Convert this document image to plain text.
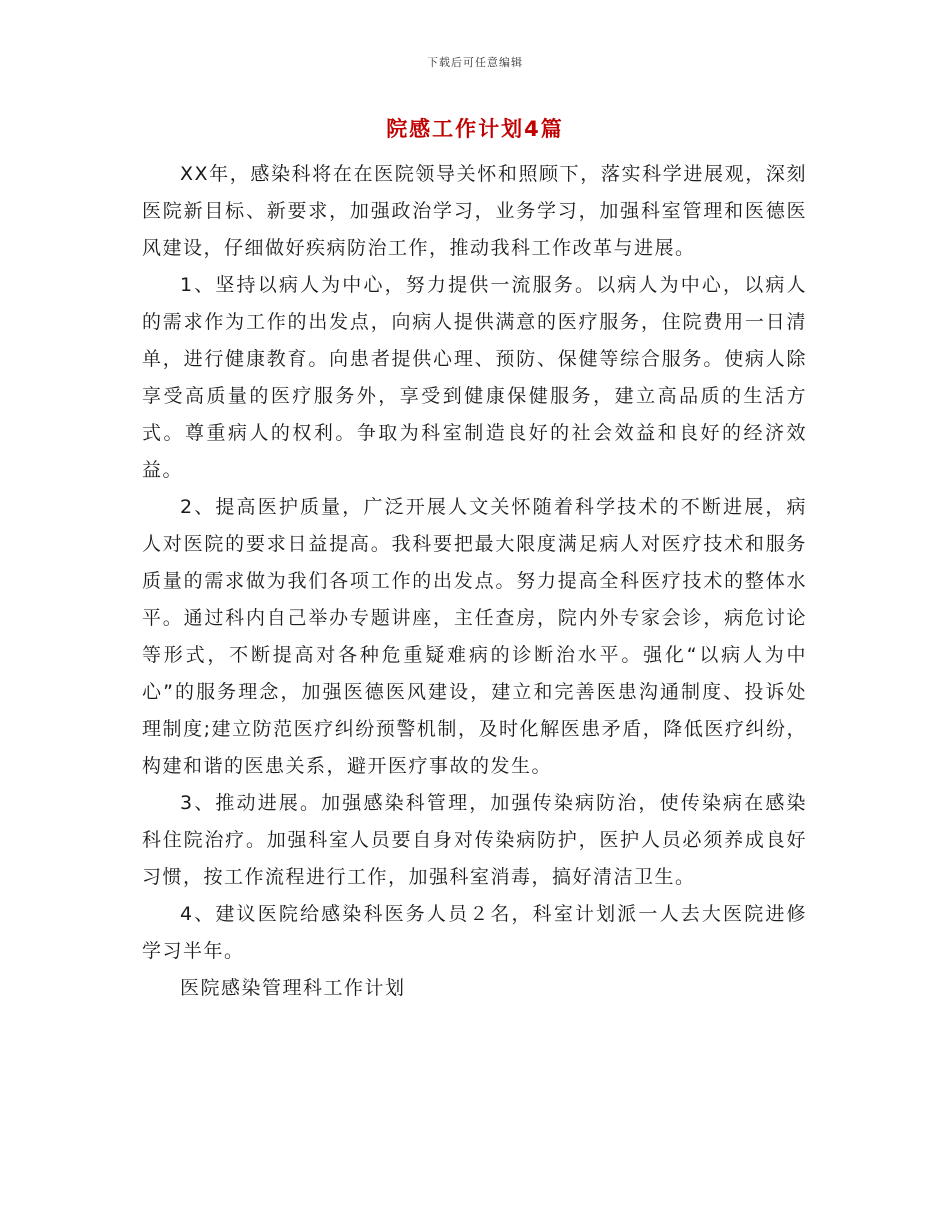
下载后可任意编辑
院感工作计划4篇

XX年，感染科将在在医院领导关怀和照顾下，落实科学进展观，深刻医院新目标、新要求，加强政治学习，业务学习，加强科室管理和医德医风建设，仔细做好疾病防治工作，推动我科工作改革与进展。

1、坚持以病人为中心，努力提供一流服务。以病人为中心，以病人的需求作为工作的出发点，向病人提供满意的医疗服务，住院费用一日清单，进行健康教育。向患者提供心理、预防、保健等综合服务。使病人除享受高质量的医疗服务外，享受到健康保健服务，建立高品质的生活方式。尊重病人的权利。争取为科室制造良好的社会效益和良好的经济效益。

2、提高医护质量，广泛开展人文关怀随着科学技术的不断进展，病人对医院的要求日益提高。我科要把最大限度满足病人对医疗技术和服务质量的需求做为我们各项工作的出发点。努力提高全科医疗技术的整体水平。通过科内自己举办专题讲座，主任查房，院内外专家会诊，病危讨论等形式，不断提高对各种危重疑难病的诊断治水平。强化“以病人为中心”的服务理念，加强医德医风建设，建立和完善医患沟通制度、投诉处理制度;建立防范医疗纠纷预警机制，及时化解医患矛盾，降低医疗纠纷，构建和谐的医患关系，避开医疗事故的发生。

3、推动进展。加强感染科管理，加强传染病防治，使传染病在感染科住院治疗。加强科室人员要自身对传染病防护，医护人员必须养成良好习惯，按工作流程进行工作，加强科室消毒，搞好清洁卫生。

4、建议医院给感染科医务人员２名，科室计划派一人去大医院进修学习半年。

医院感染管理科工作计划
